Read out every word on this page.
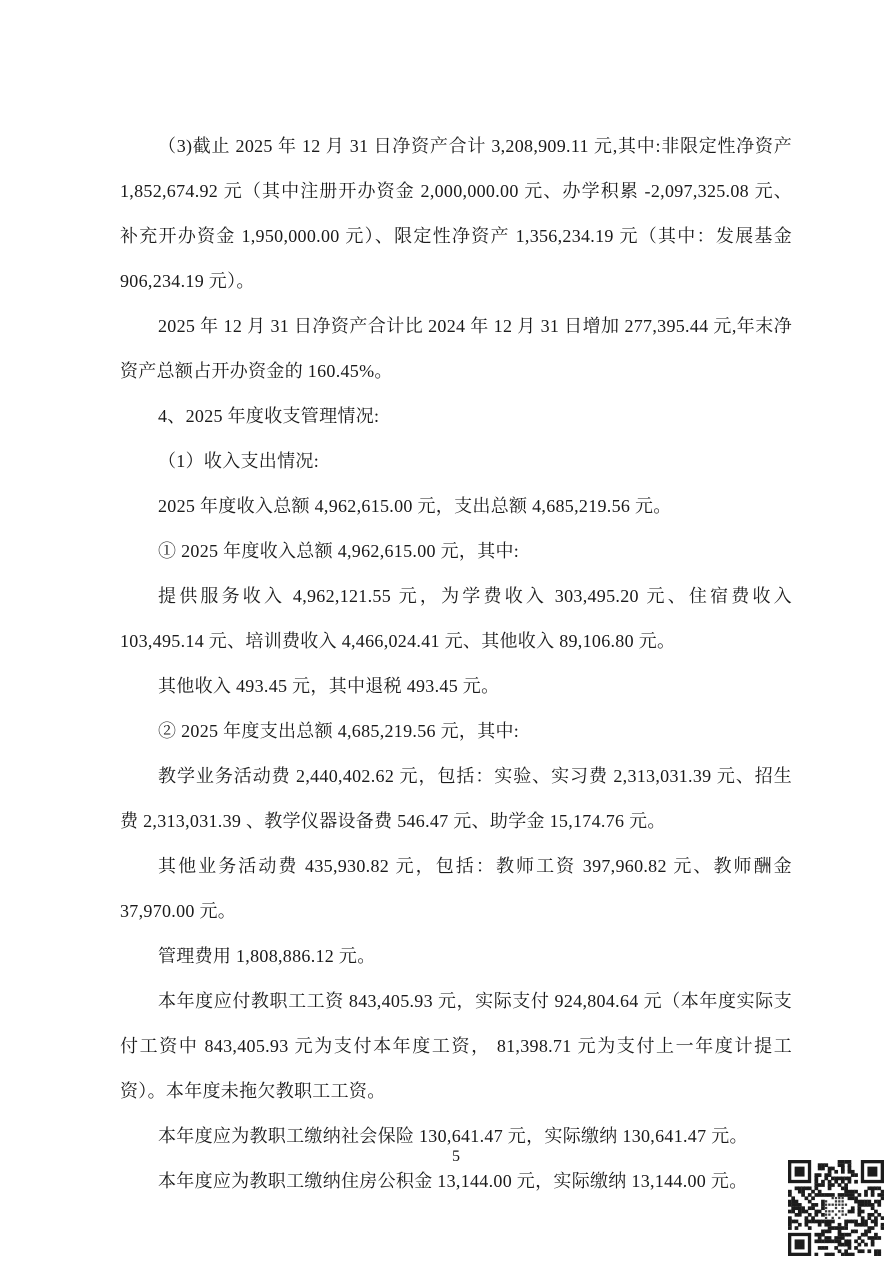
（3)截止 2025 年 12 月 31 日净资产合计 3,208,909.11 元,其中:非限定性净资产 1,852,674.92 元（其中注册开办资金 2,000,000.00 元、办学积累 -2,097,325.08 元、补充开办资金 1,950,000.00 元）、限定性净资产 1,356,234.19 元（其中：发展基金 906,234.19 元）。

2025 年 12 月 31 日净资产合计比 2024 年 12 月 31 日增加 277,395.44 元,年末净资产总额占开办资金的 160.45%。

4、2025 年度收支管理情况:

（1）收入支出情况:

2025 年度收入总额 4,962,615.00 元，支出总额 4,685,219.56 元。

① 2025 年度收入总额 4,962,615.00 元，其中:

提供服务收入 4,962,121.55 元，为学费收入 303,495.20 元、住宿费收入 103,495.14 元、培训费收入 4,466,024.41 元、其他收入 89,106.80 元。

其他收入 493.45 元，其中退税 493.45 元。

② 2025 年度支出总额 4,685,219.56 元，其中:

教学业务活动费 2,440,402.62 元，包括：实验、实习费 2,313,031.39 元、招生费 2,313,031.39 、教学仪器设备费 546.47 元、助学金 15,174.76 元。

其他业务活动费 435,930.82 元，包括：教师工资 397,960.82 元、教师酬金 37,970.00 元。

管理费用 1,808,886.12 元。

本年度应付教职工工资 843,405.93 元，实际支付 924,804.64 元（本年度实际支付工资中 843,405.93 元为支付本年度工资， 81,398.71 元为支付上一年度计提工资）。本年度未拖欠教职工工资。

本年度应为教职工缴纳社会保险 130,641.47 元，实际缴纳 130,641.47 元。

本年度应为教职工缴纳住房公积金 13,144.00 元，实际缴纳 13,144.00 元。

5
